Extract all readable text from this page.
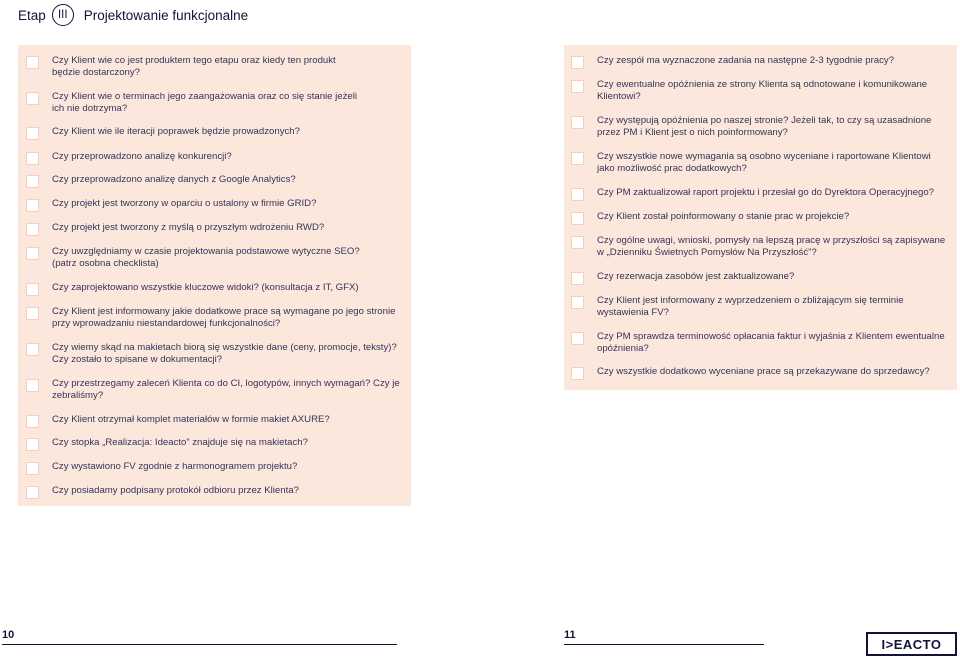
Etap III Projektowanie funkcjonalne
Czy Klient wie co jest produktem tego etapu oraz kiedy ten produkt
będzie dostarczony?
Czy Klient wie o terminach jego zaangażowania oraz co się stanie jeżeli
ich nie dotrzyma?
Czy Klient wie ile iteracji poprawek będzie prowadzonych?
Czy przeprowadzono analizę konkurencji?
Czy przeprowadzono analizę danych z Google Analytics?
Czy projekt jest tworzony w oparciu o ustalony w firmie GRID?
Czy projekt jest tworzony z myślą o przyszłym wdrożeniu RWD?
Czy uwzględniamy w czasie projektowania podstawowe wytyczne SEO?
(patrz osobna checklista)
Czy zaprojektowano wszystkie kluczowe widoki? (konsultacja z IT, GFX)
Czy Klient jest informowany jakie dodatkowe prace są wymagane po jego stronie
przy wprowadzaniu niestandardowej funkcjonalności?
Czy wiemy skąd na makietach biorą się wszystkie dane (ceny, promocje, teksty)?
Czy zostało to spisane w dokumentacji?
Czy przestrzegamy zaleceń Klienta co do CI, logotypów, innych wymagań? Czy je
zebraliśmy?
Czy Klient otrzymał komplet materiałów w formie makiet AXURE?
Czy stopka „Realizacja: Ideacto” znajduje się na makietach?
Czy wystawiono FV zgodnie z harmonogramem projektu?
Czy posiadamy podpisany protokół odbioru przez Klienta?
Czy zespół ma wyznaczone zadania na następne 2-3 tygodnie pracy?
Czy ewentualne opóźnienia ze strony Klienta są odnotowane i komunikowane
Klientowi?
Czy występują opóźnienia po naszej stronie? Jeżeli tak, to czy są uzasadnione
przez PM i Klient jest o nich poinformowany?
Czy wszystkie nowe wymagania są osobno wyceniane i raportowane Klientowi
jako możliwość prac dodatkowych?
Czy PM zaktualizował raport projektu i przesłał go do Dyrektora Operacyjnego?
Czy Klient został poinformowany o stanie prac w projekcie?
Czy ogólne uwagi, wnioski, pomysły na lepszą pracę w przyszłości są zapisywane
w „Dzienniku Świetnych Pomysłów Na Przyszłość”?
Czy rezerwacja zasobów jest zaktualizowane?
Czy Klient jest informowany z wyprzedzeniem o zbliżającym się terminie
wystawienia FV?
Czy PM sprawdza terminowość opłacania faktur i wyjaśnia z Klientem ewentualne
opóźnienia?
Czy wszystkie dodatkowo wyceniane prace są przekazywane do sprzedawcy?
10	11
I>EACTO
